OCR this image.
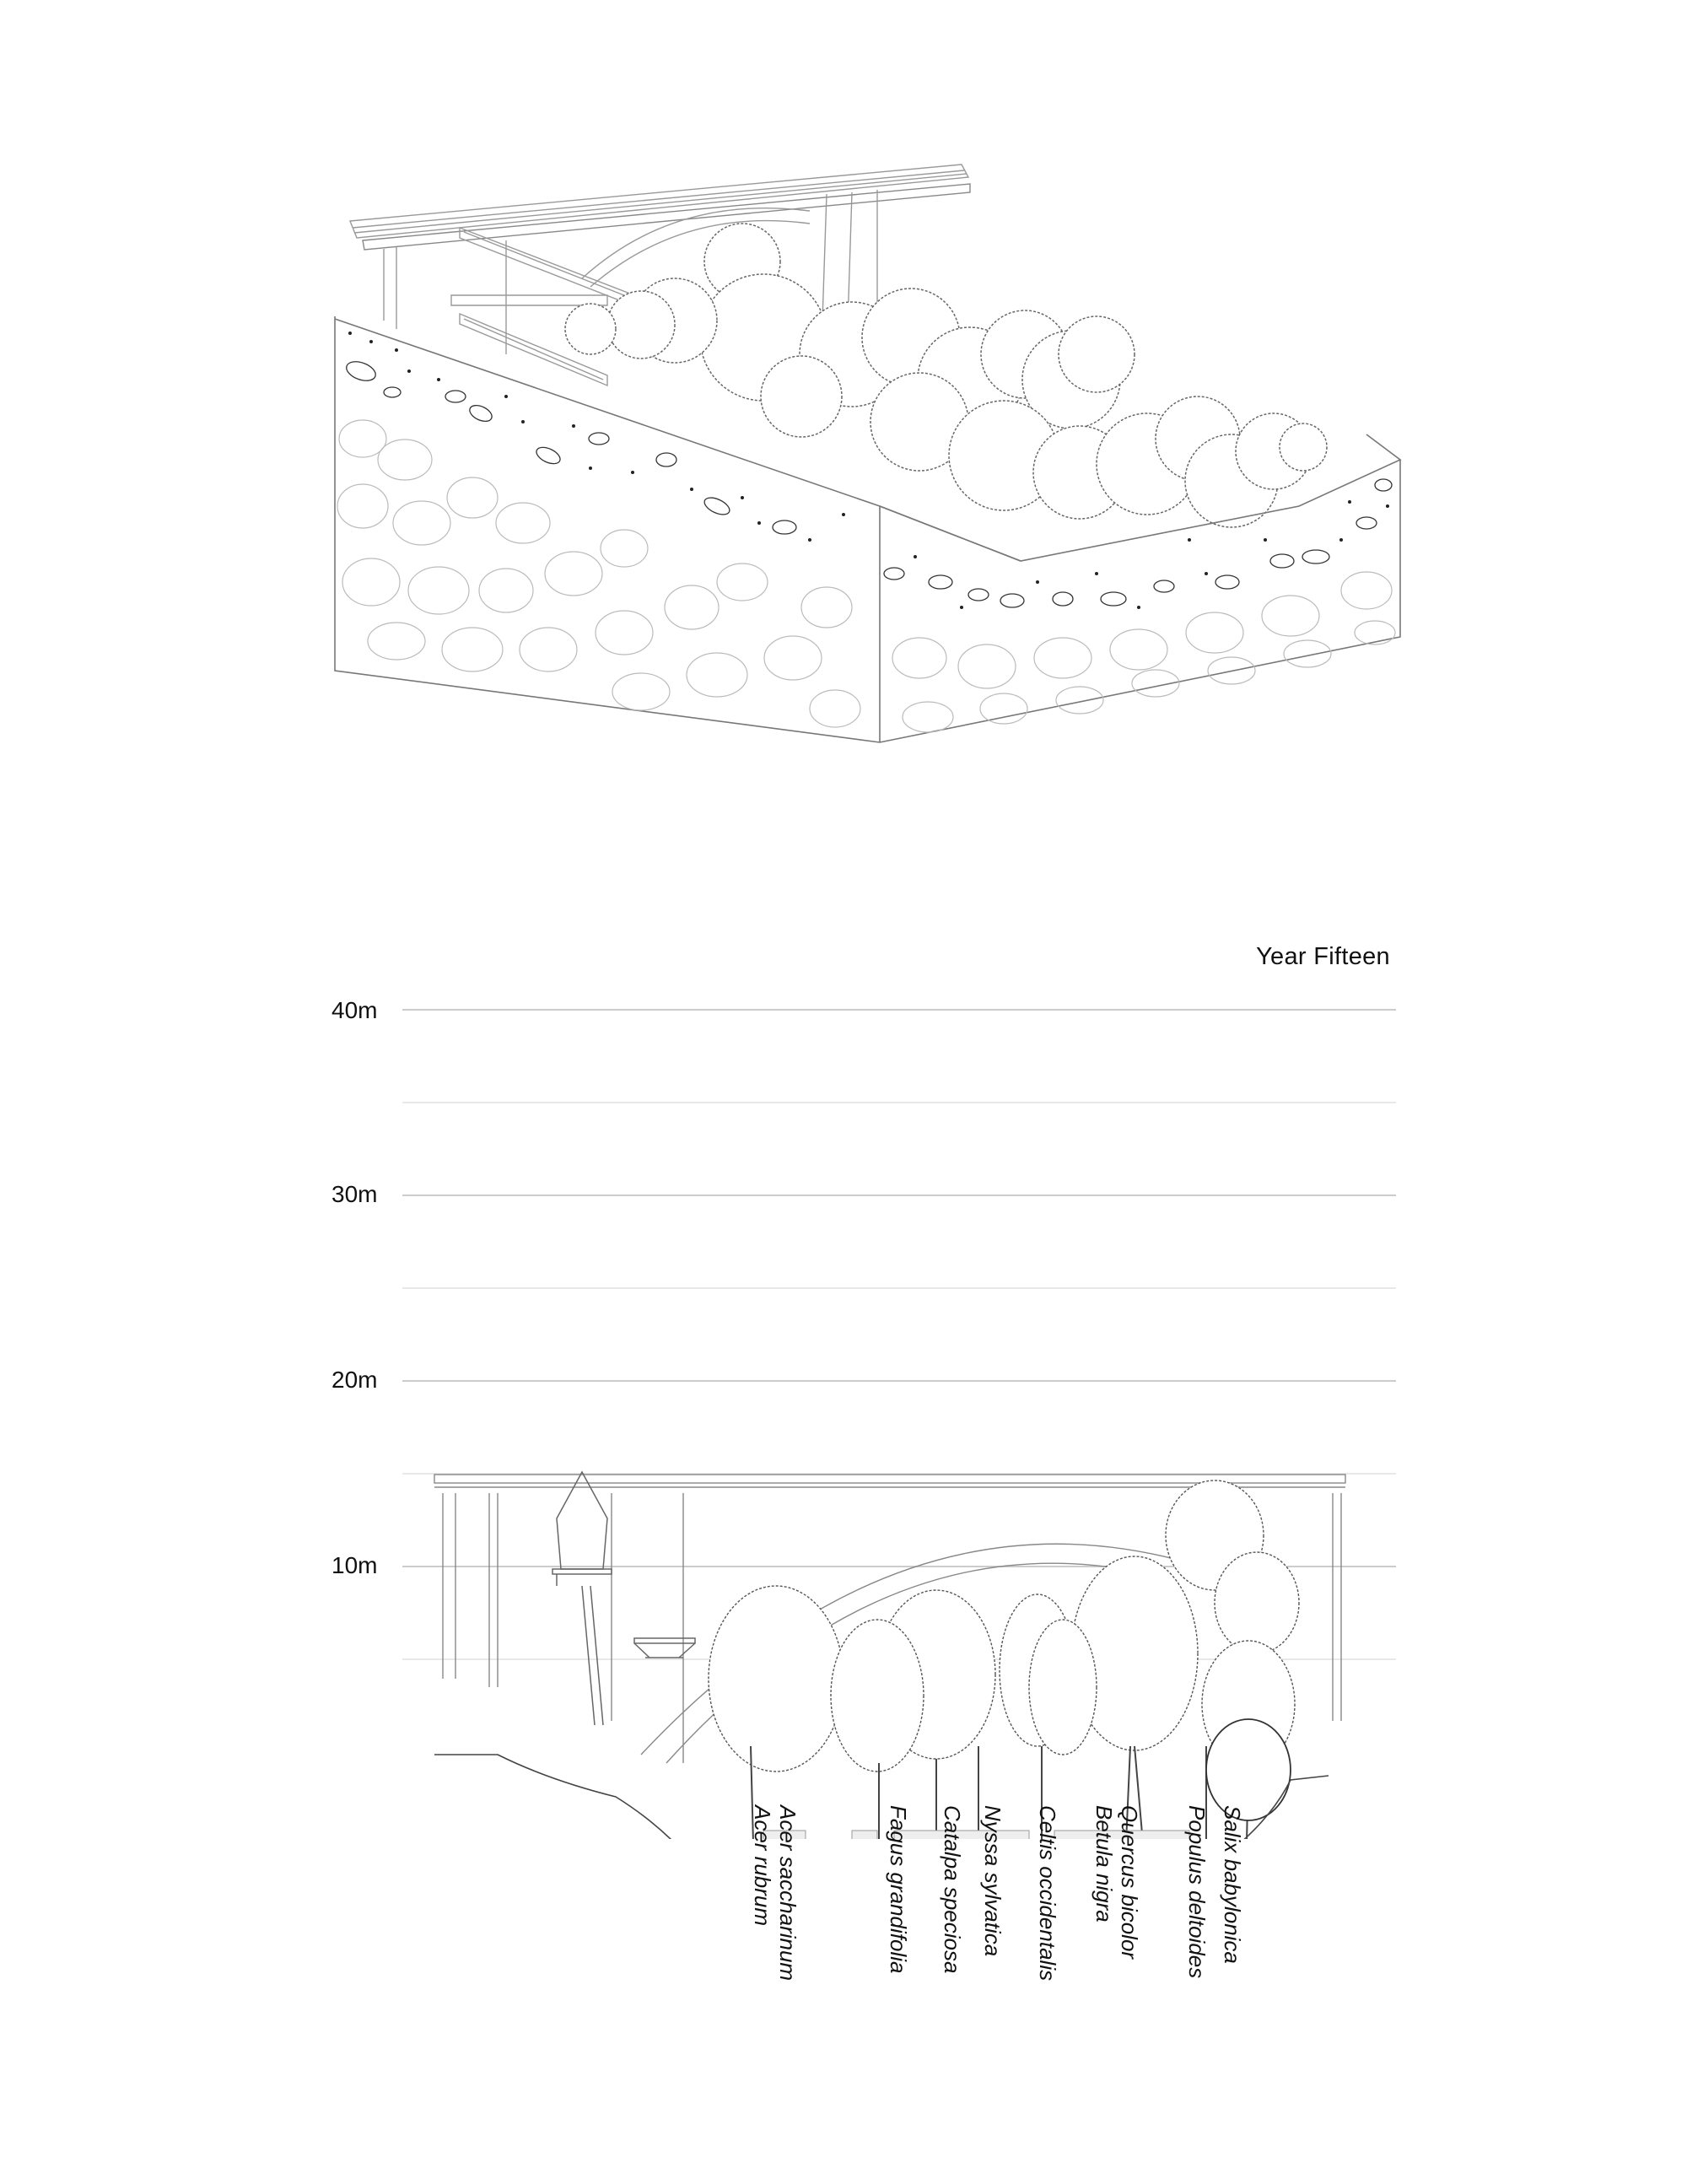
Year Fifteen
40m
30m
20m
10m
Acer saccharinum
Acer rubrum	Fagus grandifolia Catalpa speciosa Nyssa sylvatica Celtis occidentalis	Quercus bicolor
Betula nigra	Populus deltoides Salix babylonica
